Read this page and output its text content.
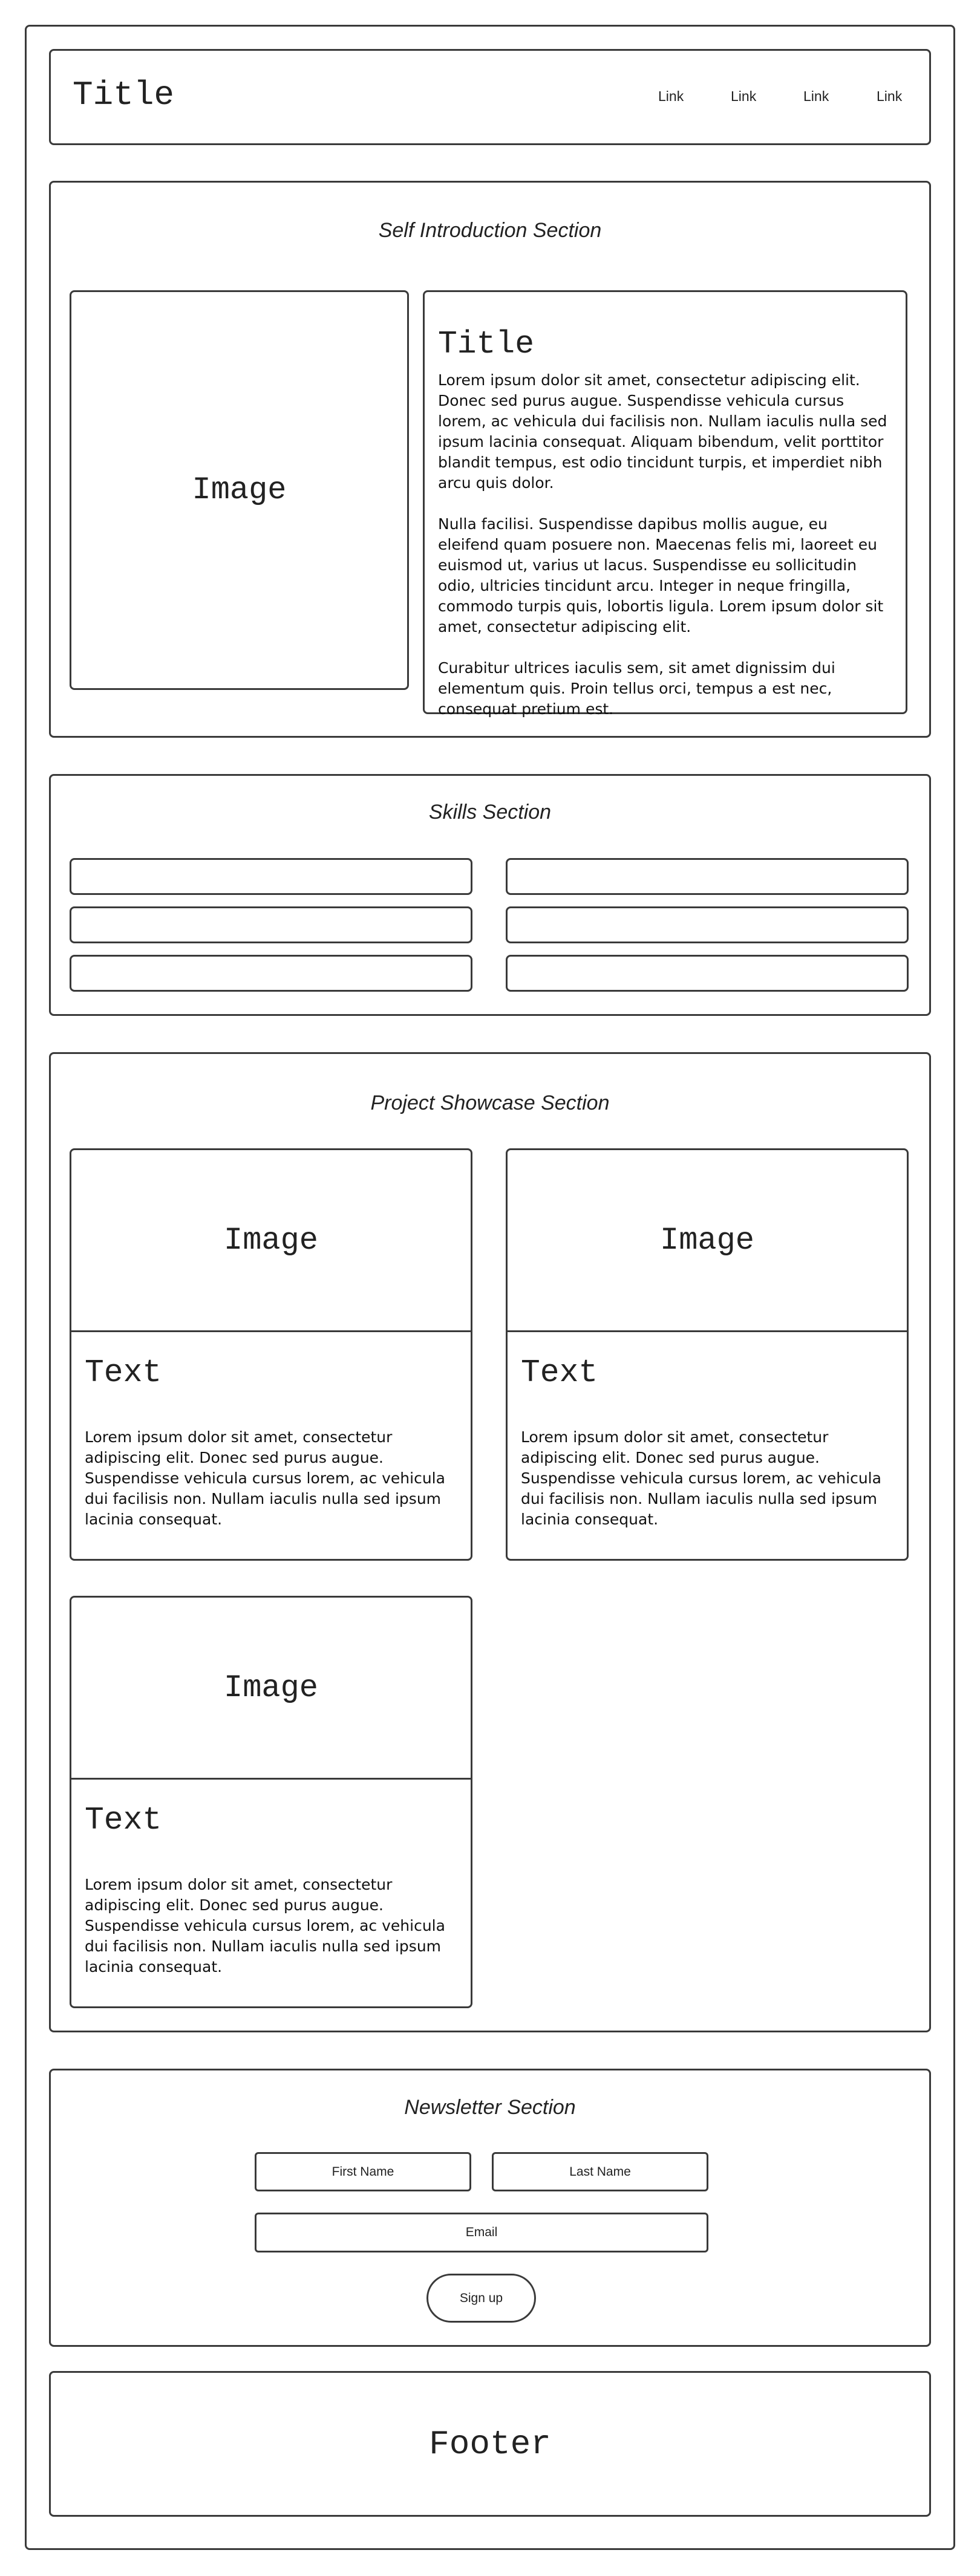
Title	Link	Link	Link	Link
Self Introduction Section
Image
Title

Lorem ipsum dolor sit amet, consectetur adipiscing elit. Donec sed purus augue. Suspendisse vehicula cursus lorem, ac vehicula dui facilisis non. Nullam iaculis nulla sed ipsum lacinia consequat. Aliquam bibendum, velit porttitor blandit tempus, est odio tincidunt turpis, et imperdiet nibh arcu quis dolor.

Nulla facilisi. Suspendisse dapibus mollis augue, eu eleifend quam posuere non. Maecenas felis mi, laoreet eu euismod ut, varius ut lacus. Suspendisse eu sollicitudin odio, ultricies tincidunt arcu. Integer in neque fringilla, commodo turpis quis, lobortis ligula. Lorem ipsum dolor sit amet, consectetur adipiscing elit.

Curabitur ultrices iaculis sem, sit amet dignissim dui elementum quis. Proin tellus orci, tempus a est nec, consequat pretium est.

Skills Section
Project Showcase Section
Image
Text

Lorem ipsum dolor sit amet, consectetur adipiscing elit. Donec sed purus augue. Suspendisse vehicula cursus lorem, ac vehicula dui facilisis non. Nullam iaculis nulla sed ipsum lacinia consequat.

Image
Text

Lorem ipsum dolor sit amet, consectetur adipiscing elit. Donec sed purus augue. Suspendisse vehicula cursus lorem, ac vehicula dui facilisis non. Nullam iaculis nulla sed ipsum lacinia consequat.

Image
Text

Lorem ipsum dolor sit amet, consectetur adipiscing elit. Donec sed purus augue. Suspendisse vehicula cursus lorem, ac vehicula dui facilisis non. Nullam iaculis nulla sed ipsum lacinia consequat.

Newsletter Section
First Name	Last Name
Email
Sign up
Footer
